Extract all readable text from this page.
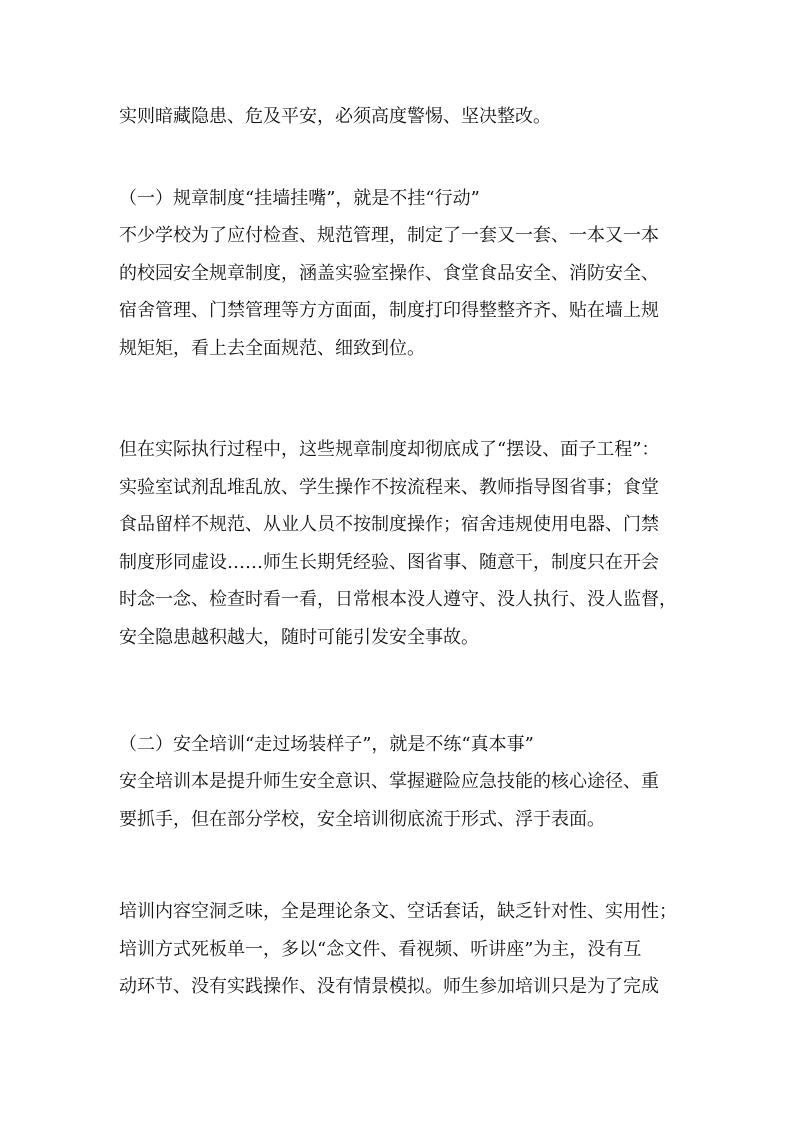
实则暗藏隐患、危及平安，必须高度警惕、坚决整改。

（一）规章制度“挂墙挂嘴”，就是不挂“行动”

不少学校为了应付检查、规范管理，制定了一套又一套、一本又一本
的校园安全规章制度，涵盖实验室操作、食堂食品安全、消防安全、
宿舍管理、门禁管理等方方面面，制度打印得整整齐齐、贴在墙上规
规矩矩，看上去全面规范、细致到位。

但在实际执行过程中，这些规章制度却彻底成了“摆设、面子工程”：
实验室试剂乱堆乱放、学生操作不按流程来、教师指导图省事；食堂
食品留样不规范、从业人员不按制度操作；宿舍违规使用电器、门禁
制度形同虚设……师生长期凭经验、图省事、随意干，制度只在开会
时念一念、检查时看一看，日常根本没人遵守、没人执行、没人监督，
安全隐患越积越大，随时可能引发安全事故。

（二）安全培训“走过场装样子”，就是不练“真本事”

安全培训本是提升师生安全意识、掌握避险应急技能的核心途径、重
要抓手，但在部分学校，安全培训彻底流于形式、浮于表面。

培训内容空洞乏味，全是理论条文、空话套话，缺乏针对性、实用性；
培训方式死板单一，多以“念文件、看视频、听讲座”为主，没有互
动环节、没有实践操作、没有情景模拟。师生参加培训只是为了完成
